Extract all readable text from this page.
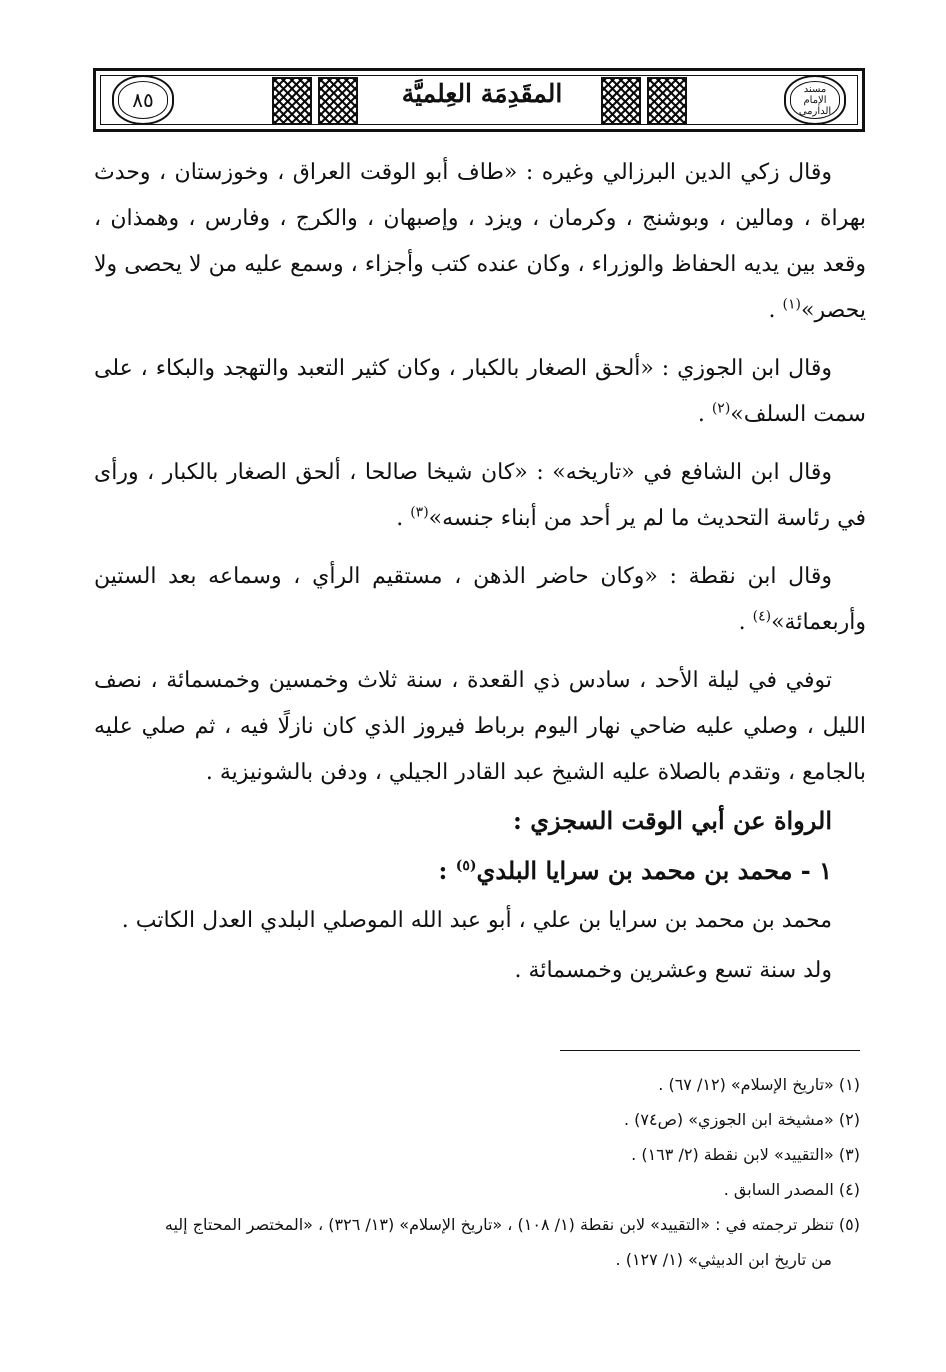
٨٥	المقَدِمَة العِلميَّة	مسند
الإمام الدارمي

وقال زكي الدين البرزالي وغيره : «طاف أبو الوقت العراق ، وخوزستان ، وحدث بهراة ، ومالين ، وبوشنج ، وكرمان ، ويزد ، وإصبهان ، والكرج ، وفارس ، وهمذان ، وقعد بين يديه الحفاظ والوزراء ، وكان عنده كتب وأجزاء ، وسمع عليه من لا يحصى ولا يحصر»$^{(١)}$ .

وقال ابن الجوزي : «ألحق الصغار بالكبار ، وكان كثير التعبد والتهجد والبكاء ، على سمت السلف»$^{(٢)}$ .

وقال ابن الشافع في «تاريخه» : «كان شيخا صالحا ، ألحق الصغار بالكبار ، ورأى في رئاسة التحديث ما لم ير أحد من أبناء جنسه»$^{(٣)}$ .

وقال ابن نقطة : «وكان حاضر الذهن ، مستقيم الرأي ، وسماعه بعد الستين وأربعمائة»$^{(٤)}$ .

توفي في ليلة الأحد ، سادس ذي القعدة ، سنة ثلاث وخمسين وخمسمائة ، نصف الليل ، وصلي عليه ضاحي نهار اليوم برباط فيروز الذي كان نازلًا فيه ، ثم صلي عليه بالجامع ، وتقدم بالصلاة عليه الشيخ عبد القادر الجيلي ، ودفن بالشونيزية .

الرواة عن أبي الوقت السجزي :

١ - محمد بن محمد بن سرايا البلدي$^{(٥)}$ :

محمد بن محمد بن سرايا بن علي ، أبو عبد الله الموصلي البلدي العدل الكاتب .

ولد سنة تسع وعشرين وخمسمائة .

(١) «تاريخ الإسلام» (١٢/ ٦٧) .

(٢) «مشيخة ابن الجوزي» (ص٧٤) .

(٣) «التقييد» لابن نقطة (٢/ ١٦٣) .

(٤) المصدر السابق .

(٥) تنظر ترجمته في : «التقييد» لابن نقطة (١/ ١٠٨) ، «تاريخ الإسلام» (١٣/ ٣٢٦) ، «المختصر المحتاج إليه
من تاريخ ابن الدبيثي» (١/ ١٢٧) .
